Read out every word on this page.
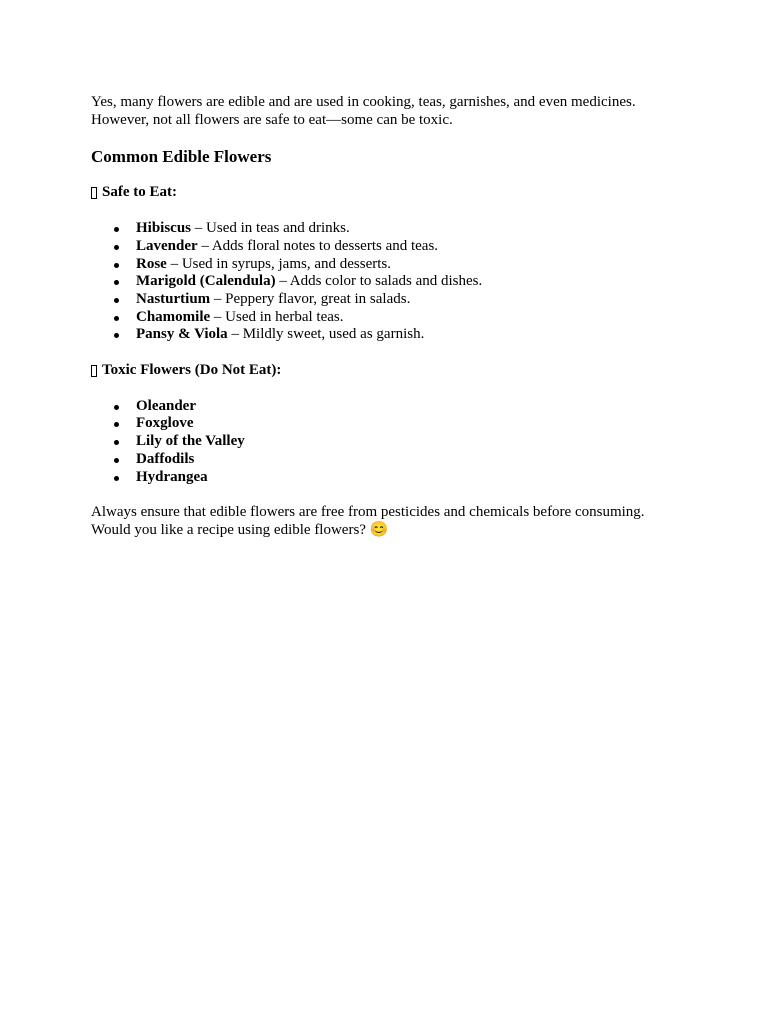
Yes, many flowers are edible and are used in cooking, teas, garnishes, and even medicines. However, not all flowers are safe to eat—some can be toxic.

Common Edible Flowers
Safe to Eat:
Hibiscus – Used in teas and drinks.
Lavender – Adds floral notes to desserts and teas.
Rose – Used in syrups, jams, and desserts.
Marigold (Calendula) – Adds color to salads and dishes.
Nasturtium – Peppery flavor, great in salads.
Chamomile – Used in herbal teas.
Pansy & Viola – Mildly sweet, used as garnish.
Toxic Flowers (Do Not Eat):
Oleander
Foxglove
Lily of the Valley
Daffodils
Hydrangea

Always ensure that edible flowers are free from pesticides and chemicals before consuming.

Would you like a recipe using edible flowers? 😊
